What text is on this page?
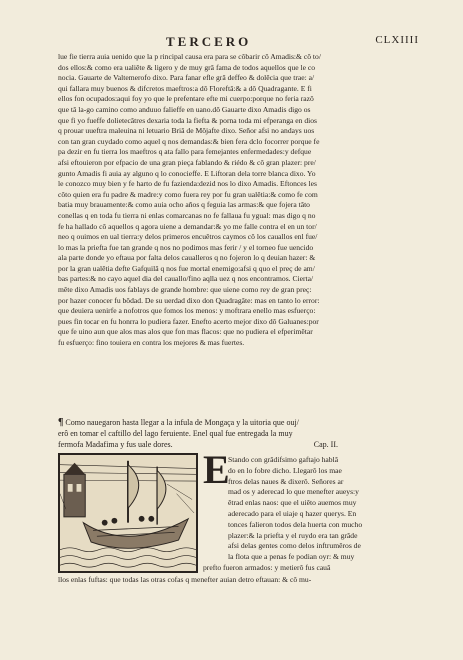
TERCERO	CLXIIII
lue fie tierra auia uenido que la p rincipal causa era para se côbarir cô Amadis:& cô to/
dos ellos:& como era ualiête & ligero y de muy grâ fama de todos aquellos que le co
nocia. Gauarte de Valtemerofo dixo. Para fanar efle grâ deffeo & dolêcia que trae: a/
qui fallara muy buenos & difcretos maeftros:a dô Floreftâ:& a dô Quadragante. E fi
ellos fon ocupados:aqui foy yo que le prefentare efte mi cuerpo:porque no feria razô
que tâ la-go camino como anduuo falieffe en uano.dô Gauarte dixo Amadis digo os
que fi yo fueffe dolietecâtres dexaria toda la fiefta & porna toda mi efperanga en dios
q prouar uueftra maleuina ni letuario Briâ de Môjafte dixo. Señor afsi no andays uos
con tan gran cuydado como aquel q nos demandas:& bien fera dclo focorrer porque fe
pa dezir en fu tierra los maeftros q ata fallo para femejantes enfermedades:y defque
afsi eftouieron por efpacio de una gran pieça fablando & riédo & cô gran plazer: pre/
gunto Amadis fi auia ay alguno q lo conocieffe. E Liftoran dela torre blanca dixo. Yo
le conozco muy bien y fe harto de fu fazienda:dezid nos lo dixo Amadis. Eftonces les
côto quien era fu padre & madre:y como fuera rey por fu gran ualêtia:& como fe com
batia muy brauamente:& como auia ocho años q feguia las armas:& que fojera tâto
conellas q en toda fu tierra ni enlas comarcanas no fe fallaua fu ygual: mas digo q no
fe ha hallado cô aquellos q agora uiene a demandar:& yo me falle contra el en un tor/
neo q ouimos en ual tierra:y delos primeros encuêtros caymos cô los cauallos enl fue/
lo mas la priefta fue tan grande q nos no podimos mas ferir / y el torneo fue uencido
ala parte donde yo eftaua por falta delos caualleros q no fojeron lo q deuian hazer: &
por la gran ualêtia defte Gafquilâ q nos fue mortal enemigo:afsi q quo el preç de am/
bas partes:& no cayo aquel dia del cauallo/fino aqlla uez q nos encontramos. Cierta/
mête dixo Amadis uos fablays de grande hombre: que uiene como rey de gran preç:
por hazer conocer fu bôdad. De su uerdad dixo don Quadragâte: mas en tanto lo error:
que deuiera uenirfe a nofotros que fomos los menos: y moftrara enello mas esfuerço:
pues fin tocar en fu honrra lo pudiera fazer. Enefto acerto mejor dixo dô Galuanes:por
que fe uino aun que alos mas alos que fon mas flacos: que no pudiera el efperimêtar
fu esfuerço: fino touiera en contra los mejores & mas fuertes.
¶ Como nauegaron hasta llegar a la infula de Mongaça y la uitoria que ouj/
erô en tomar el caftillo del lago feruiente. Enel qual fue entregada la muy
fermofa Madafima y fus uale dores.	Cap. II.
E
Stando con grâdifsimo gaftajo hablâ
do en lo fobre dicho. Llegarô los mae
ftros delas naues & dixerô. Señores ar
mad os y aderecad lo que menefter aueys:y
êtrad enlas naos: que el uiêto auemos muy
aderecado para el uiaje q hazer querys. En
tonces falieron todos dela huerta con mucho
plazer:& la priefta y el ruydo era tan grâde
afsi delas gentes como delos inftrumêros de
la flota que a penas fe podian oyr: & muy
prefto fueron armados: y metierô fus cauâ
llos enlas fuftas: que todas las otras cofas q menefter auian detro eftauan: & cô mu-
